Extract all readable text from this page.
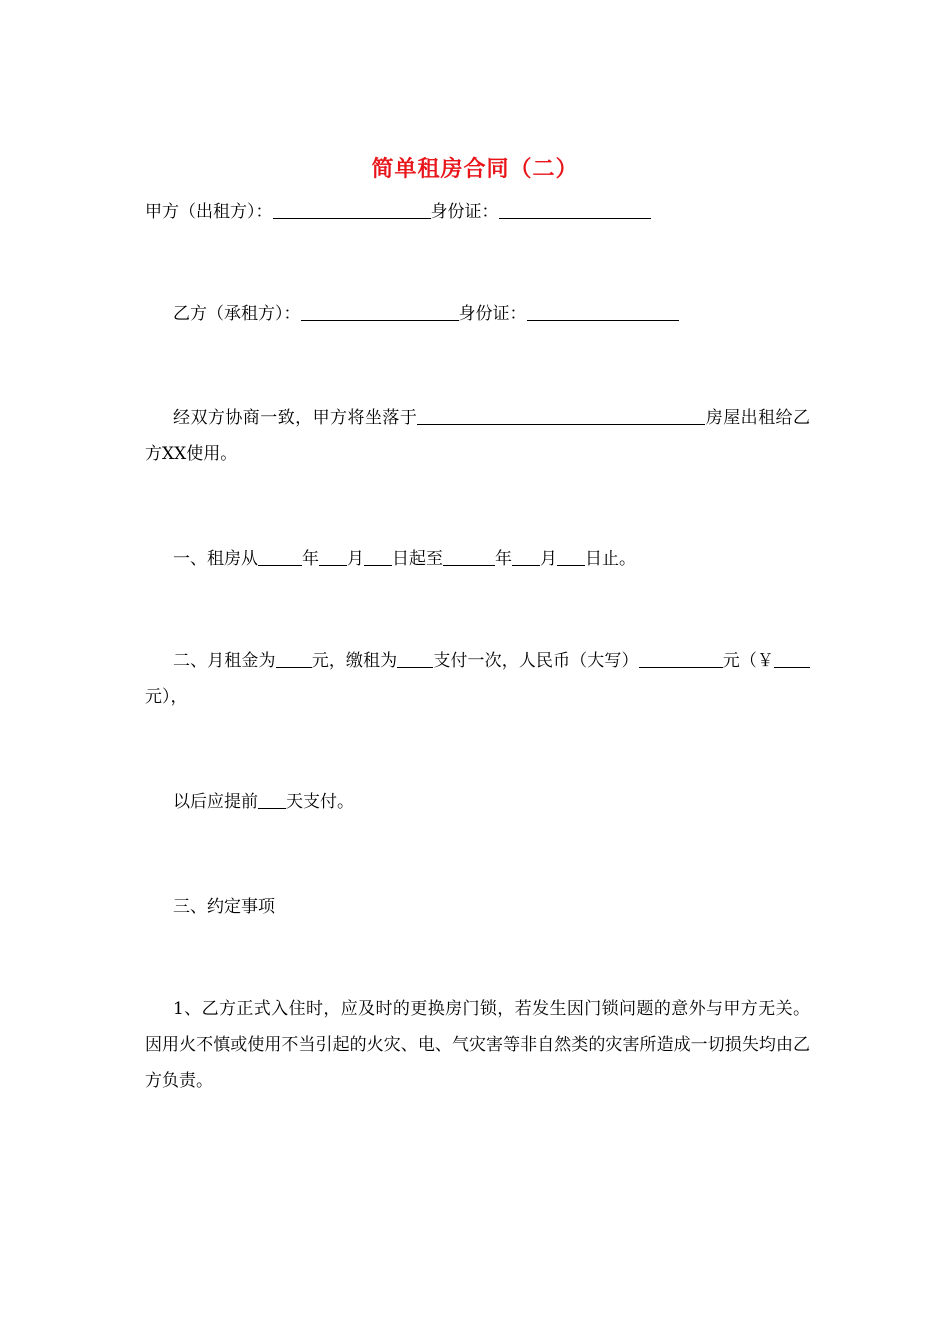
简单租房合同（二）
甲方（出租方）：	身份证：
乙方（承租方）：	身份证：
经双方协商一致，甲方将坐落于	房屋出租给乙方XX使用。
一、租房从	年 月 日起至	年 月 日止。
二、月租金为 元，缴租为 支付一次，人民币（大写）	元（￥元），
以后应提前 天支付。
三、约定事项
1、乙方正式入住时，应及时的更换房门锁，若发生因门锁问题的意外与甲方无关。因用火不慎或使用不当引起的火灾、电、气灾害等非自然类的灾害所造成一切损失均由乙方负责。
